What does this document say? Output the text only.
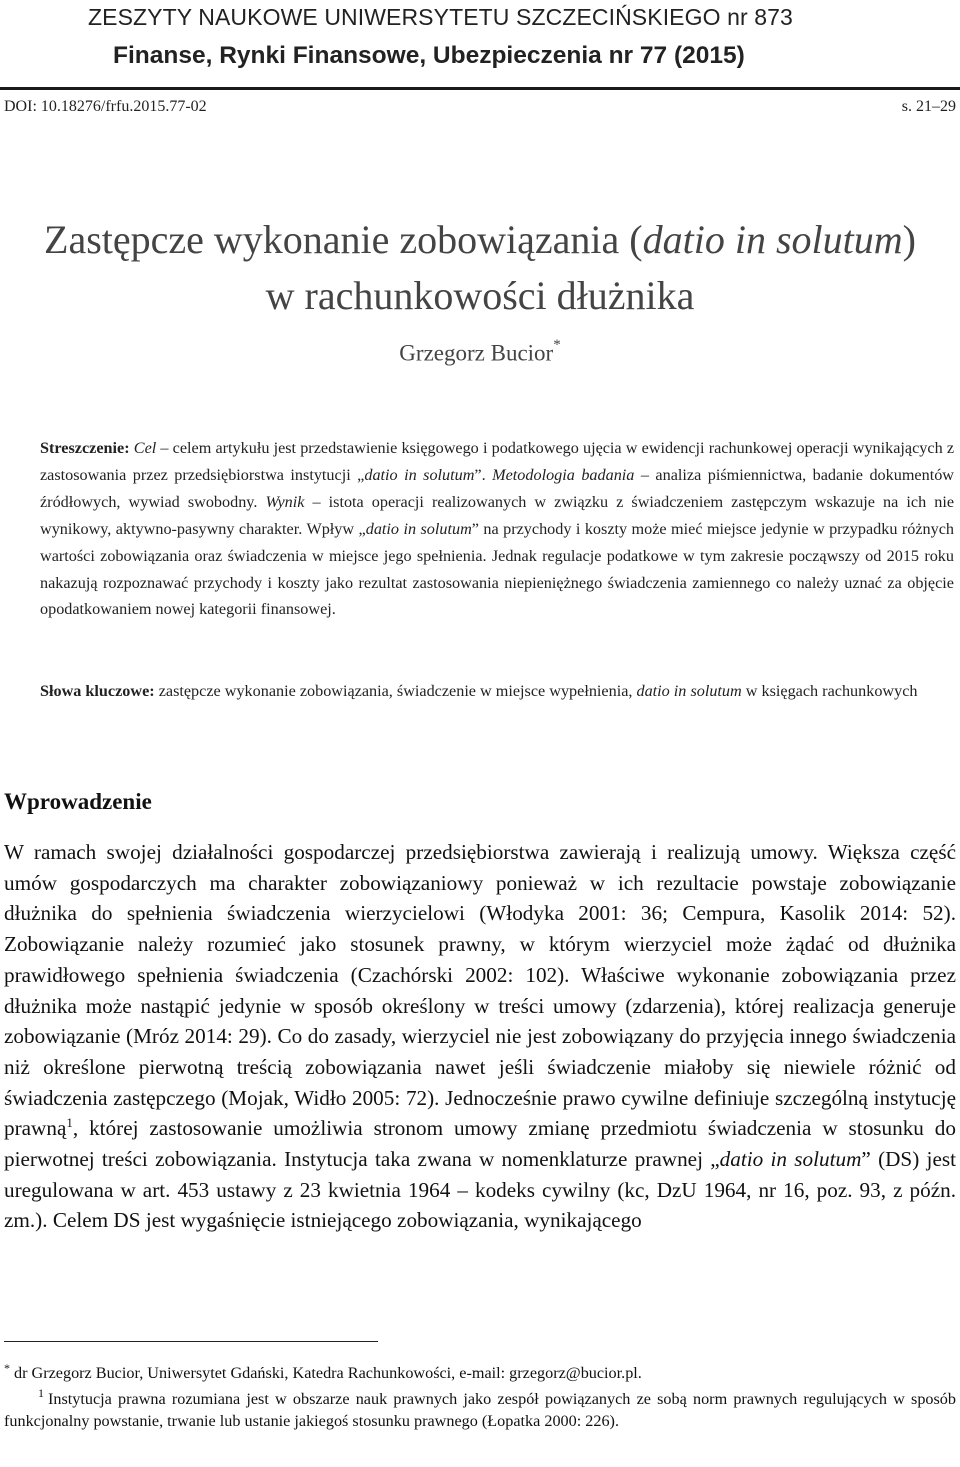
ZESZYTY NAUKOWE UNIWERSYTETU SZCZECIŃSKIEGO nr 873
Finanse, Rynki Finansowe, Ubezpieczenia nr 77 (2015)
DOI: 10.18276/frfu.2015.77-02	s. 21–29
Zastępcze wykonanie zobowiązania (datio in solutum)
w rachunkowości dłużnika
Grzegorz Bucior*

Streszczenie: Cel – celem artykułu jest przedstawienie księgowego i podatkowego ujęcia w ewidencji rachunkowej operacji wynikających z zastosowania przez przedsiębiorstwa instytucji „datio in solutum”. Metodologia badania – analiza piśmiennictwa, badanie dokumentów źródłowych, wywiad swobodny. Wynik – istota operacji realizowanych w związku z świadczeniem zastępczym wskazuje na ich nie wynikowy, aktywno-pasywny charakter. Wpływ „datio in solutum” na przychody i koszty może mieć miejsce jedynie w przypadku różnych wartości zobowiązania oraz świadczenia w miejsce jego spełnienia. Jednak regulacje podatkowe w tym zakresie począwszy od 2015 roku nakazują rozpoznawać przychody i koszty jako rezultat zastosowania niepieniężnego świadczenia zamiennego co należy uznać za objęcie opodatkowaniem nowej kategorii finansowej.

Słowa kluczowe: zastępcze wykonanie zobowiązania, świadczenie w miejsce wypełnienia, datio in solutum w księgach rachunkowych

Wprowadzenie

W ramach swojej działalności gospodarczej przedsiębiorstwa zawierają i realizują umowy. Większa część umów gospodarczych ma charakter zobowiązaniowy ponieważ w ich rezultacie powstaje zobowiązanie dłużnika do spełnienia świadczenia wierzycielowi (Włodyka 2001: 36; Cempura, Kasolik 2014: 52). Zobowiązanie należy rozumieć jako stosunek prawny, w którym wierzyciel może żądać od dłużnika prawidłowego spełnienia świadczenia (Czachórski 2002: 102). Właściwe wykonanie zobowiązania przez dłużnika może nastąpić jedynie w sposób określony w treści umowy (zdarzenia), której realizacja generuje zobowiązanie (Mróz 2014: 29). Co do zasady, wierzyciel nie jest zobowiązany do przyjęcia innego świadczenia niż określone pierwotną treścią zobowiązania nawet jeśli świadczenie miałoby się niewiele różnić od świadczenia zastępczego (Mojak, Widło 2005: 72). Jednocześnie prawo cywilne definiuje szczególną instytucję prawną$^1$, której zastosowanie umożliwia stronom umowy zmianę przedmiotu świadczenia w stosunku do pierwotnej treści zobowiązania. Instytucja taka zwana w nomenklaturze prawnej „datio in solutum” (DS) jest uregulowana w art. 453 ustawy z 23 kwietnia 1964 – kodeks cywilny (kc, DzU 1964, nr 16, poz. 93, z późn. zm.). Celem DS jest wygaśnięcie istniejącego zobowiązania, wynikającego

* dr Grzegorz Bucior, Uniwersytet Gdański, Katedra Rachunkowości, e-mail: grzegorz@bucior.pl.

$^1$ Instytucja prawna rozumiana jest w obszarze nauk prawnych jako zespół powiązanych ze sobą norm prawnych regulujących w sposób funkcjonalny powstanie, trwanie lub ustanie jakiegoś stosunku prawnego (Łopatka 2000: 226).
